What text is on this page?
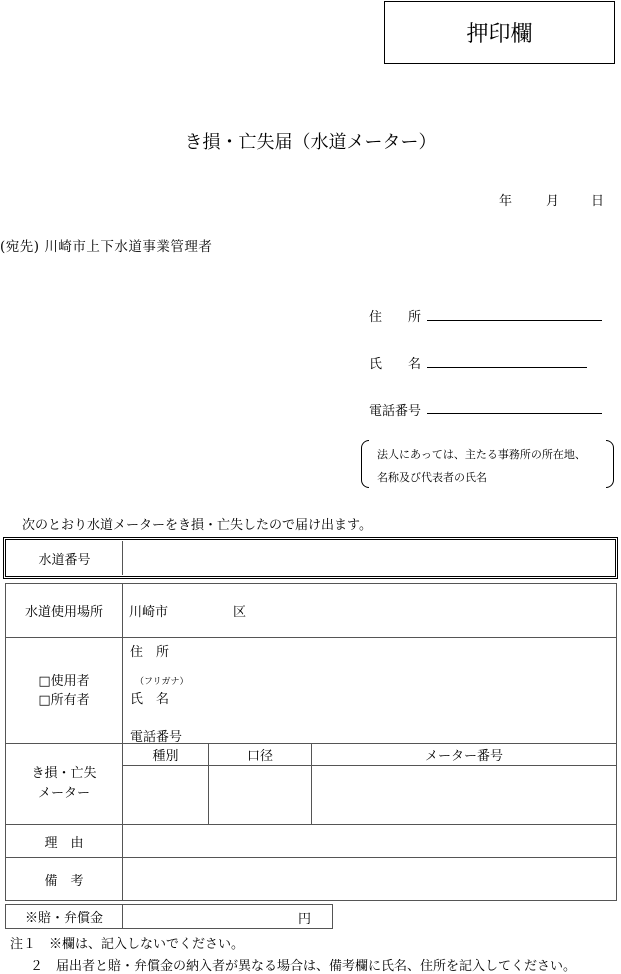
押印欄
き損・亡失届（水道メーター）
年	月 日
(宛先) 川崎市上下水道事業管理者
住　　所
氏　　名
電話番号
法人にあっては、主たる事務所の所在地、
名称及び代表者の氏名
次のとおり水道メーターをき損・亡失したので届け出ます。
水道番号
水道使用場所 川崎市	区
□使用者
□所有者
住　所
（フリガナ）
氏　名
電話番号
き損・亡失
メーター
種別	口径	メーター番号
理　由
備　考
※賠・弁償金	円
注１　※欄は、記入しないでください。
２　届出者と賠・弁償金の納入者が異なる場合は、備考欄に氏名、住所を記入してください。
